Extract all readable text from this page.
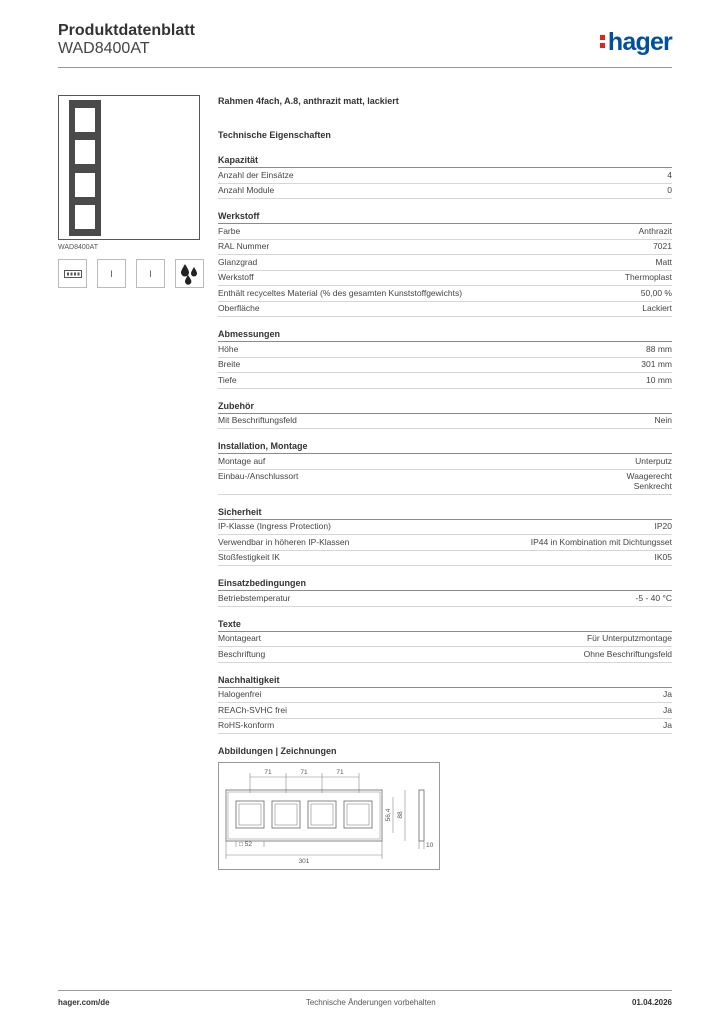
Produktdatenblatt
WAD8400AT	hager
WAD8400AT
I	I
Rahmen 4fach, A.8, anthrazit matt, lackiert
Technische Eigenschaften
Kapazität
Anzahl der Einsätze	4
Anzahl Module	0
Werkstoff
Farbe	Anthrazit
RAL Nummer	7021
Glanzgrad	Matt
Werkstoff	Thermoplast
Enthält recyceltes Material (% des gesamten Kunststoffgewichts)	50,00 %
Oberfläche	Lackiert
Abmessungen
Höhe	88 mm
Breite	301 mm
Tiefe	10 mm
Zubehör
Mit Beschriftungsfeld	Nein
Installation, Montage
Montage auf	Unterputz
Einbau-/Anschlussort	Waagerecht
Senkrecht
Sicherheit
IP-Klasse (Ingress Protection)	IP20
Verwendbar in höheren IP-Klassen	IP44 in Kombination mit Dichtungsset
Stoßfestigkeit IK	IK05
Einsatzbedingungen
Betriebstemperatur	-5 - 40 °C
Texte
Montageart	Für Unterputzmontage
Beschriftung	Ohne Beschriftungsfeld
Nachhaltigkeit
Halogenfrei	Ja
REACh-SVHC frei	Ja
RoHS-konform	Ja
Abbildungen | Zeichnungen
71	71	71
56,4 88
□ 52
301
10
hager.com/de	Technische Änderungen vorbehalten	01.04.2026
